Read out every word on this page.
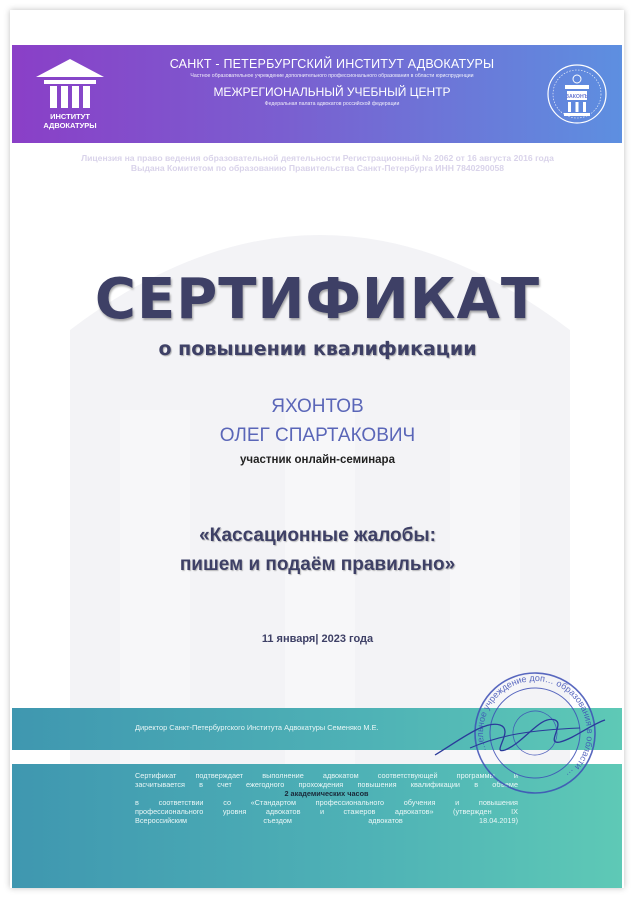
ИНСТИТУТ
АДВОКАТУРЫ
САНКТ - ПЕТЕРБУРГСКИЙ ИНСТИТУТ АДВОКАТУРЫ
Частное образовательное учреждение дополнительного профессионального образования в области юриспруденции
МЕЖРЕГИОНАЛЬНЫЙ УЧЕБНЫЙ ЦЕНТР
Федеральная палата адвокатов российской федерации
ЗАКОНЪ
Лицензия на право ведения образовательной деятельности Регистрационный № 2062 от 16 августа 2016 года
Выдана Комитетом по образованию Правительства Санкт-Петербурга ИНН 7840290058
СЕРТИФИКАТ
о повышении квалификации
ЯХОНТОВ
ОЛЕГ СПАРТАКОВИЧ
участник онлайн-семинара
«Кассационные жалобы:
пишем и подаём правильно»
11 января| 2023 года
Директор Санкт-Петербургского Института Адвокатуры Семеняко М.Е.
Сертификат подтверждает выполнение адвокатом соответствующей программы и
засчитывается в счет ежегодного прохождения повышения квалификации в объеме
2 академических часов
в соответствии со «Стандартом профессионального обучения и повышения
профессионального уровня адвокатов и стажеров адвокатов» (утвержден IX
Всероссийским съездом адвокатов 18.04.2019)
…ельное учреждение доп… образования в области …
